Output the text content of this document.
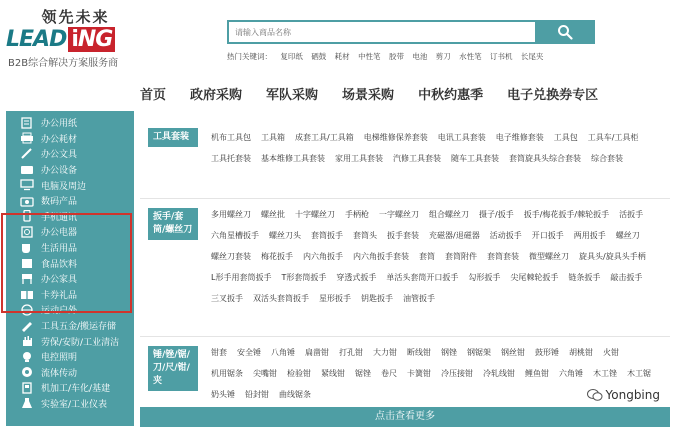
领先未来
LEAD iNG
B2B综合解决方案服务商
请输入商品名称
热门关键词： 复印纸 硒鼓 耗材 中性笔 胶带 电池 剪刀 水性笔 订书机 长尾夹
首页 政府采购 军队采购 场景采购 中秋约惠季 电子兑换券专区
办公用纸
办公耗材
办公文具
办公设备
电脑及周边
数码产品
手机通讯
办公电器
生活用品
食品饮料
办公家具
卡券礼品
运动户外
工具五金/搬运存储
劳保/安防/工业清洁
电控照明
流体传动
机加工/车化/基建
实验室/工业仪表
工具套装	机布工具包 工具箱 成套工具/工具箱 电梯维修保养套装 电讯工具套装 电子维修套装 工具包 工具车/工具柜
工具托套装 基本维修工具套装 家用工具套装 汽修工具套装 随车工具套装 套筒旋具头综合套装 综合套装
扳手/套筒/螺丝刀
多用螺丝刀 螺丝批 十字螺丝刀 手柄枪 一字螺丝刀 组合螺丝刀 摄子/扳手 扳手/梅花扳手/棘轮扳手 活扳手
六角星槽扳手 螺丝刀头 套筒扳手 套筒头 扳手套装 充磁器/退磁器 活动扳手 开口扳手 两用扳手 螺丝刀
螺丝刀套装 梅花扳手 内六角扳手 内六角扳手套装 套筒 套筒附件 套筒套装 微型螺丝刀 旋具头/旋具头手柄
L形手用套筒扳手 T形套筒扳手 穿透式扳手 单活头套筒开口扳手 勾形扳手 尖尾棘轮扳手 链条扳手 敲击扳手
三叉扳手 双活头套筒扳手 星形扳手 钥匙扳手 油管扳手
锤/锉/锯/刀/尺/钳/夹
钳套 安全锤 八角锤 扁凿钳 打孔钳 大力钳 断线钳 钢锉 钢锯架 钢丝钳 鼓形锤 胡桃钳 火钳
机用锯条 尖嘴钳 检验钳 紧线钳 锯锉 卷尺 卡簧钳 冷压接钳 冷轧线钳 鲤鱼钳 六角锤 木工锉 木工锯
奶头锤 铅封钳 曲线锯条
点击查看更多
Yongbing
